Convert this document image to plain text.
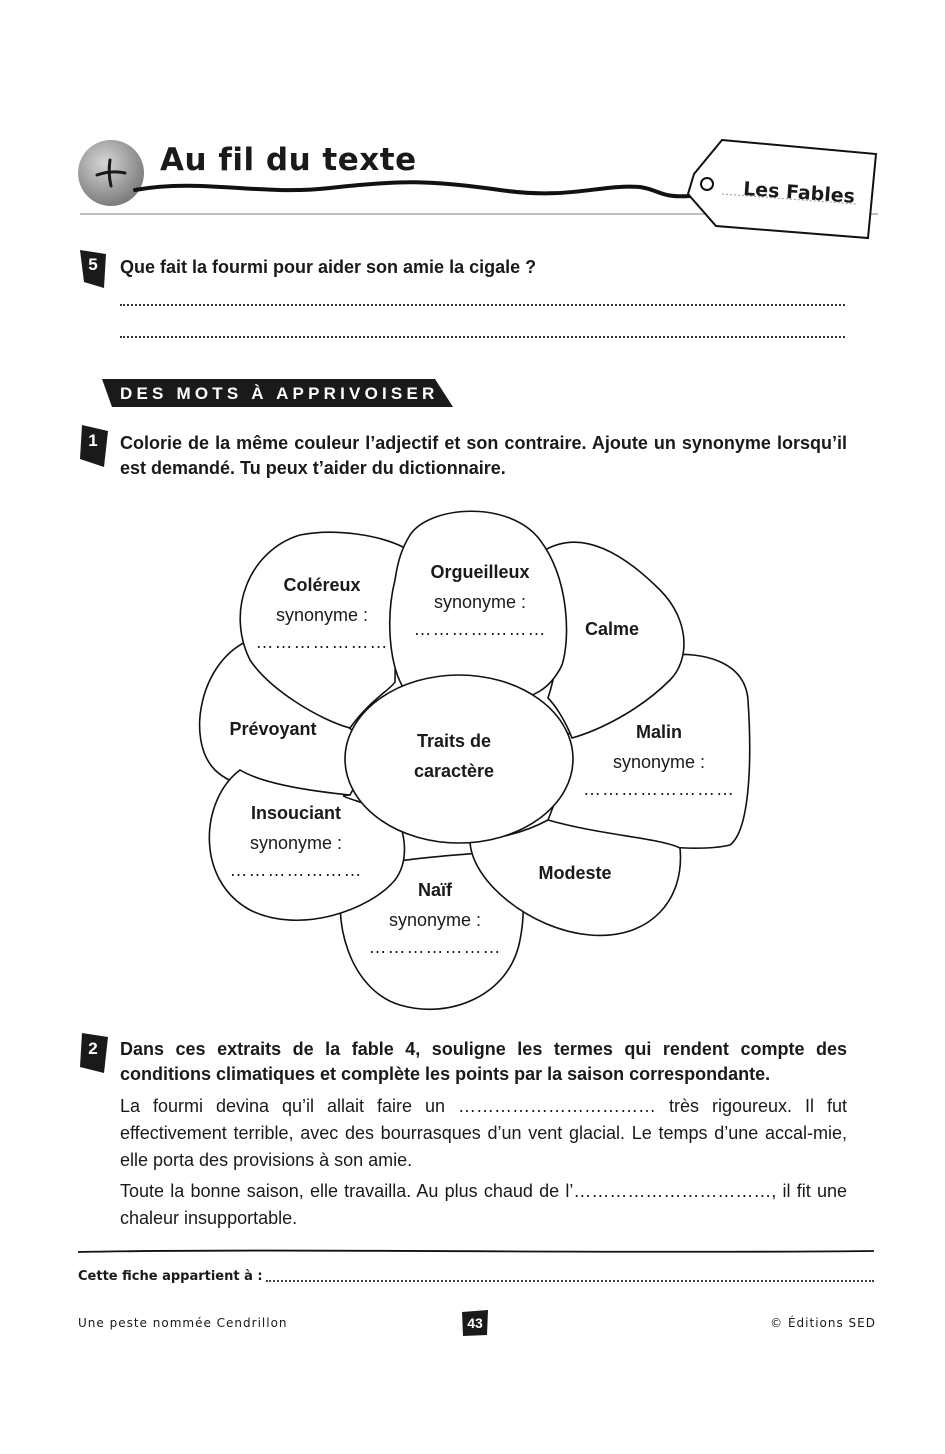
Au fil du texte
Les Fables
5	Que fait la fourmi pour aider son amie la cigale ?
DES MOTS À APPRIVOISER
1	Colorie de la même couleur l’adjectif et son contraire. Ajoute un synonyme lorsqu’il est demandé. Tu peux t’aider du dictionnaire.
Coléreux
synonyme :
…………………
Orgueilleux
synonyme :
…………………	Calme
Prévoyant
Traits de
caractère
Malin
synonyme :
……………………
Insouciant
synonyme :
…………………	Modeste
Naïf
synonyme :
…………………
2	Dans ces extraits de la fable 4, souligne les termes qui rendent compte des conditions climatiques et complète les points par la saison correspondante.
La fourmi devina qu’il allait faire un …………………………… très rigoureux. Il fut effectivement terrible, avec des bourrasques d’un vent glacial. Le temps d’une accal-mie, elle porta des provisions à son amie.
Toute la bonne saison, elle travailla. Au plus chaud de l’……………………………, il fit une chaleur insupportable.
Cette fiche appartient à :
Une peste nommée Cendrillon	43	© Éditions SED
